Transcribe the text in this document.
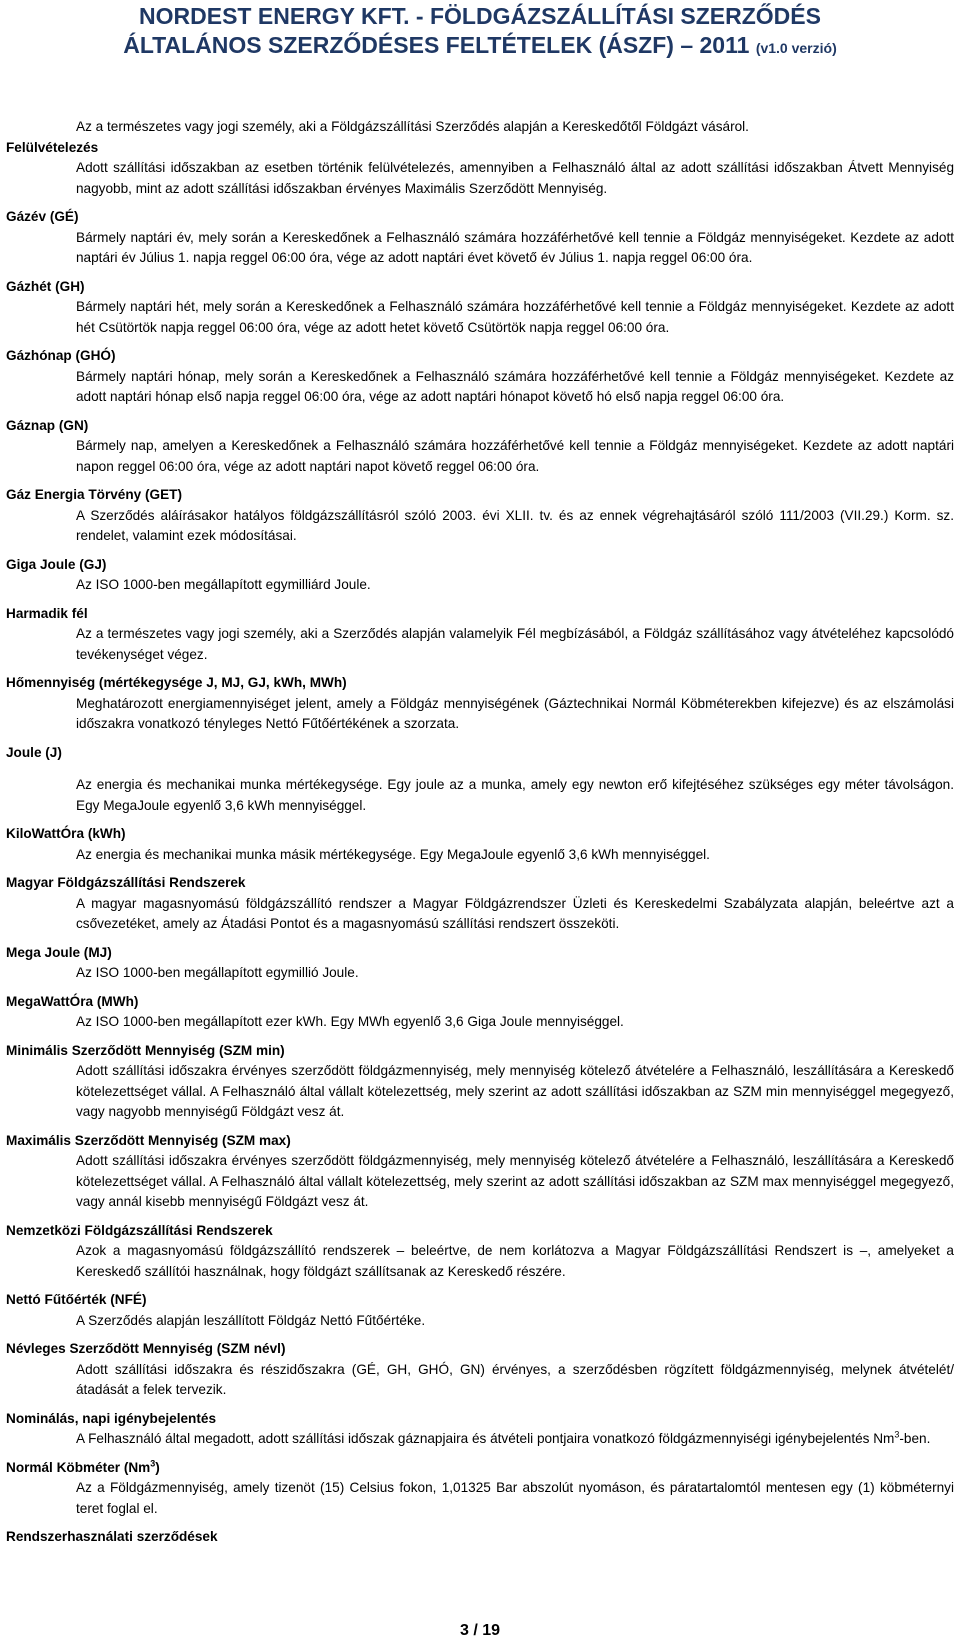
NORDEST ENERGY KFT. - FÖLDGÁZSZÁLLÍTÁSI SZERZŐDÉS
ÁLTALÁNOS SZERZŐDÉSES FELTÉTELEK (ÁSZF) – 2011 (v1.0 verzió)
Az a természetes vagy jogi személy, aki a Földgázszállítási Szerződés alapján a Kereskedőtől Földgázt vásárol.
Felülvételezés
Adott szállítási időszakban az esetben történik felülvételezés, amennyiben a Felhasználó által az adott szállítási időszakban Átvett Mennyiség nagyobb, mint az adott szállítási időszakban érvényes Maximális Szerződött Mennyiség.
Gázév (GÉ)
Bármely naptári év, mely során a Kereskedőnek a Felhasználó számára hozzáférhetővé kell tennie a Földgáz mennyiségeket. Kezdete az adott naptári év Július 1. napja reggel 06:00 óra, vége az adott naptári évet követő év Július 1. napja reggel 06:00 óra.
Gázhét (GH)
Bármely naptári hét, mely során a Kereskedőnek a Felhasználó számára hozzáférhetővé kell tennie a Földgáz mennyiségeket. Kezdete az adott hét Csütörtök napja reggel 06:00 óra, vége az adott hetet követő Csütörtök napja reggel 06:00 óra.
Gázhónap (GHÓ)
Bármely naptári hónap, mely során a Kereskedőnek a Felhasználó számára hozzáférhetővé kell tennie a Földgáz mennyiségeket. Kezdete az adott naptári hónap első napja reggel 06:00 óra, vége az adott naptári hónapot követő hó első napja reggel 06:00 óra.
Gáznap (GN)
Bármely nap, amelyen a Kereskedőnek a Felhasználó számára hozzáférhetővé kell tennie a Földgáz mennyiségeket. Kezdete az adott naptári napon reggel 06:00 óra, vége az adott naptári napot követő reggel 06:00 óra.
Gáz Energia Törvény (GET)
A Szerződés aláírásakor hatályos földgázszállításról szóló 2003. évi XLII. tv. és az ennek végrehajtásáról szóló 111/2003 (VII.29.) Korm. sz. rendelet, valamint ezek módosításai.
Giga Joule (GJ)
Az ISO 1000-ben megállapított egymilliárd Joule.
Harmadik fél
Az a természetes vagy jogi személy, aki a Szerződés alapján valamelyik Fél megbízásából, a Földgáz szállításához vagy átvételéhez kapcsolódó tevékenységet végez.
Hőmennyiség (mértékegysége J, MJ, GJ, kWh, MWh)
Meghatározott energiamennyiséget jelent, amely a Földgáz mennyiségének (Gáztechnikai Normál Köbméterekben kifejezve) és az elszámolási időszakra vonatkozó tényleges Nettó Fűtőértékének a szorzata.
Joule (J)
Az energia és mechanikai munka mértékegysége. Egy joule az a munka, amely egy newton erő kifejtéséhez szükséges egy méter távolságon. Egy MegaJoule egyenlő 3,6 kWh mennyiséggel.
KiloWattÓra (kWh)
Az energia és mechanikai munka másik mértékegysége. Egy MegaJoule egyenlő 3,6 kWh mennyiséggel.
Magyar Földgázszállítási Rendszerek
A magyar magasnyomású földgázszállító rendszer a Magyar Földgázrendszer Üzleti és Kereskedelmi Szabályzata alapján, beleértve azt a csővezetéket, amely az Átadási Pontot és a magasnyomású szállítási rendszert összeköti.
Mega Joule (MJ)
Az ISO 1000-ben megállapított egymillió Joule.
MegaWattÓra (MWh)
Az ISO 1000-ben megállapított ezer kWh. Egy MWh egyenlő 3,6 Giga Joule mennyiséggel.
Minimális Szerződött Mennyiség (SZM min)
Adott szállítási időszakra érvényes szerződött földgázmennyiség, mely mennyiség kötelező átvételére a Felhasználó, leszállítására a Kereskedő kötelezettséget vállal. A Felhasználó által vállalt kötelezettség, mely szerint az adott szállítási időszakban az SZM min mennyiséggel megegyező, vagy nagyobb mennyiségű Földgázt vesz át.
Maximális Szerződött Mennyiség (SZM max)
Adott szállítási időszakra érvényes szerződött földgázmennyiség, mely mennyiség kötelező átvételére a Felhasználó, leszállítására a Kereskedő kötelezettséget vállal. A Felhasználó által vállalt kötelezettség, mely szerint az adott szállítási időszakban az SZM max mennyiséggel megegyező, vagy annál kisebb mennyiségű Földgázt vesz át.
Nemzetközi Földgázszállítási Rendszerek
Azok a magasnyomású földgázszállító rendszerek – beleértve, de nem korlátozva a Magyar Földgázszállítási Rendszert is –, amelyeket a Kereskedő szállítói használnak, hogy földgázt szállítsanak az Kereskedő részére.
Nettó Fűtőérték (NFÉ)
A Szerződés alapján leszállított Földgáz Nettó Fűtőértéke.
Névleges Szerződött Mennyiség (SZM névl)
Adott szállítási időszakra és részidőszakra (GÉ, GH, GHÓ, GN) érvényes, a szerződésben rögzített földgázmennyiség, melynek átvételét/átadását a felek tervezik.
Nominálás, napi igénybejelentés
A Felhasználó által megadott, adott szállítási időszak gáznapjaira és átvételi pontjaira vonatkozó földgázmennyiségi igénybejelentés Nm$^3$-ben.
Normál Köbméter (Nm$^3$)
Az a Földgázmennyiség, amely tizenöt (15) Celsius fokon, 1,01325 Bar abszolút nyomáson, és páratartalomtól mentesen egy (1) köbméternyi teret foglal el.
Rendszerhasználati szerződések
3 / 19
